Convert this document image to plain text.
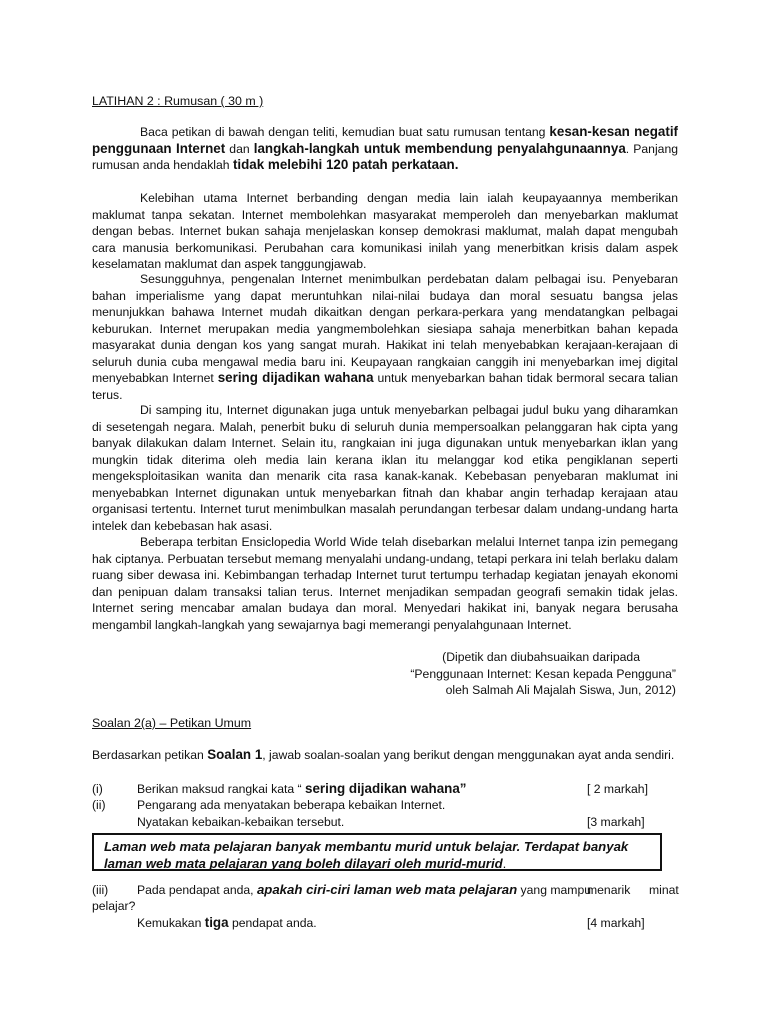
LATIHAN 2 : Rumusan ( 30 m )
Baca petikan di bawah dengan teliti, kemudian buat satu rumusan tentang kesan-kesan negatif penggunaan Internet dan langkah-langkah untuk membendung penyalahgunaannya. Panjang rumusan anda hendaklah tidak melebihi 120 patah perkataan.
Kelebihan utama Internet berbanding dengan media lain ialah keupayaannya memberikan maklumat tanpa sekatan. Internet membolehkan masyarakat memperoleh dan menyebarkan maklumat dengan bebas. Internet bukan sahaja menjelaskan konsep demokrasi maklumat, malah dapat mengubah cara manusia berkomunikasi. Perubahan cara komunikasi inilah yang menerbitkan krisis dalam aspek keselamatan maklumat dan aspek tanggungjawab.
Sesungguhnya, pengenalan Internet menimbulkan perdebatan dalam pelbagai isu. Penyebaran bahan imperialisme yang dapat meruntuhkan nilai-nilai budaya dan moral sesuatu bangsa jelas menunjukkan bahawa Internet mudah dikaitkan dengan perkara-perkara yang mendatangkan pelbagai keburukan. Internet merupakan media yangmembolehkan siesiapa sahaja menerbitkan bahan kepada masyarakat dunia dengan kos yang sangat murah. Hakikat ini telah menyebabkan kerajaan-kerajaan di seluruh dunia cuba mengawal media baru ini. Keupayaan rangkaian canggih ini menyebarkan imej digital menyebabkan Internet sering dijadikan wahana untuk menyebarkan bahan tidak bermoral secara talian terus.
Di samping itu, Internet digunakan juga untuk menyebarkan pelbagai judul buku yang diharamkan di sesetengah negara. Malah, penerbit buku di seluruh dunia mempersoalkan pelanggaran hak cipta yang banyak dilakukan dalam Internet. Selain itu, rangkaian ini juga digunakan untuk menyebarkan iklan yang mungkin tidak diterima oleh media lain kerana iklan itu melanggar kod etika pengiklanan seperti mengeksploitasikan wanita dan menarik cita rasa kanak-kanak. Kebebasan penyebaran maklumat ini menyebabkan Internet digunakan untuk menyebarkan fitnah dan khabar angin terhadap kerajaan atau organisasi tertentu. Internet turut menimbulkan masalah perundangan terbesar dalam undang-undang harta intelek dan kebebasan hak asasi.
Beberapa terbitan Ensiclopedia World Wide telah disebarkan melalui Internet tanpa izin pemegang hak ciptanya. Perbuatan tersebut memang menyalahi undang-undang, tetapi perkara ini telah berlaku dalam ruang siber dewasa ini. Kebimbangan terhadap Internet turut tertumpu terhadap kegiatan jenayah ekonomi dan penipuan dalam transaksi talian terus. Internet menjadikan sempadan geografi semakin tidak jelas. Internet sering mencabar amalan budaya dan moral. Menyedari hakikat ini, banyak negara berusaha mengambil langkah-langkah yang sewajarnya bagi memerangi penyalahgunaan Internet.
(Dipetik dan diubahsuaikan daripada
“Penggunaan Internet: Kesan kepada Pengguna”
oleh Salmah Ali Majalah Siswa, Jun, 2012)
Soalan 2(a) – Petikan Umum
Berdasarkan petikan Soalan 1, jawab soalan-soalan yang berikut dengan menggunakan ayat anda sendiri.
(i)	Berikan maksud rangkai kata “ sering dijadikan wahana”	[ 2 markah]
(ii)	Pengarang ada menyatakan beberapa kebaikan Internet.
Nyatakan kebaikan-kebaikan tersebut.	[3 markah]
Laman web mata pelajaran banyak membantu murid untuk belajar. Terdapat banyak laman web mata pelajaran yang boleh dilayari oleh murid-murid.
(iii) Pada pendapat anda, apakah ciri-ciri laman web mata pelajaran yang mampu
menarik minat
pelajar?
Kemukakan tiga pendapat anda.	[4 markah]
